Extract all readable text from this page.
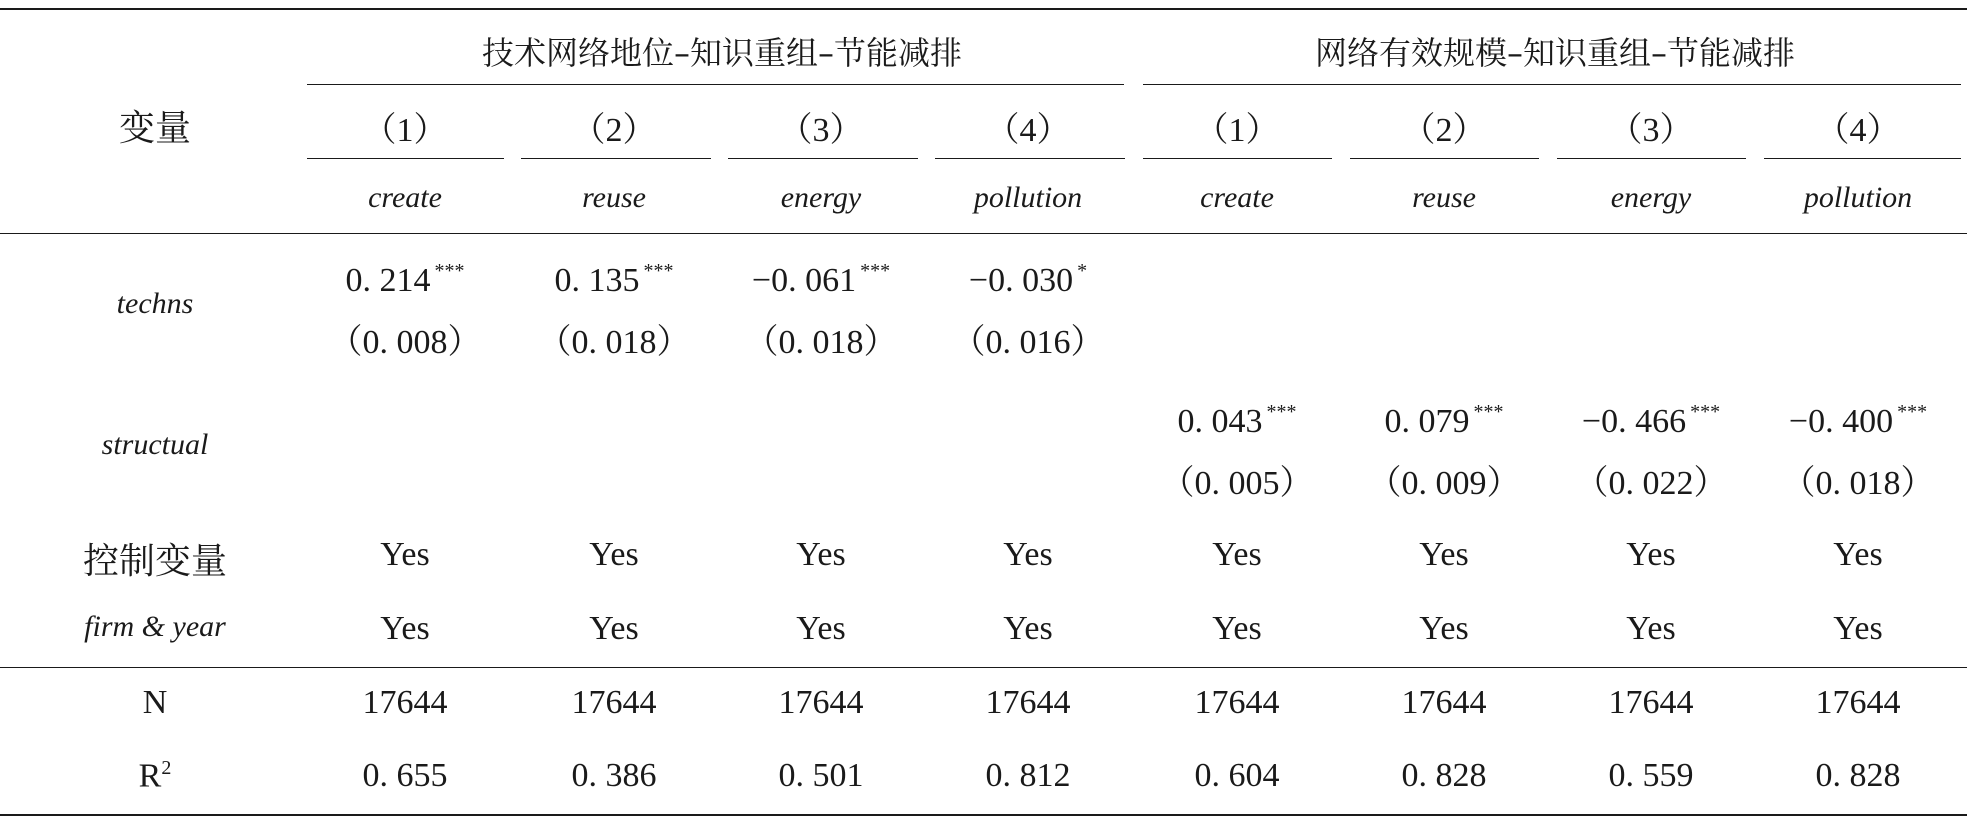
变量
技术网络地位–知识重组–节能减排	网络有效规模–知识重组–节能减排
（1）
create
（2）
reuse
（3）
energy
（4）
pollution
（1）
create
（2）
reuse
（3）
energy
（4）
pollution
techns
structual
控制变量
firm & year
N
$R^2$
0. 214 ***
（0. 008）
0. 135 ***
（0. 018）
−0. 061 ***
（0. 018）
−0. 030 *
（0. 016）
0. 043 ***
（0. 005）
0. 079 ***
（0. 009）
−0. 466 ***
（0. 022）
−0. 400 ***
（0. 018）
Yes
Yes
17644
0. 655
Yes
Yes
17644
0. 386
Yes
Yes
17644
0. 501
Yes
Yes
17644
0. 812
Yes
Yes
17644
0. 604
Yes
Yes
17644
0. 828
Yes
Yes
17644
0. 559
Yes
Yes
17644
0. 828
